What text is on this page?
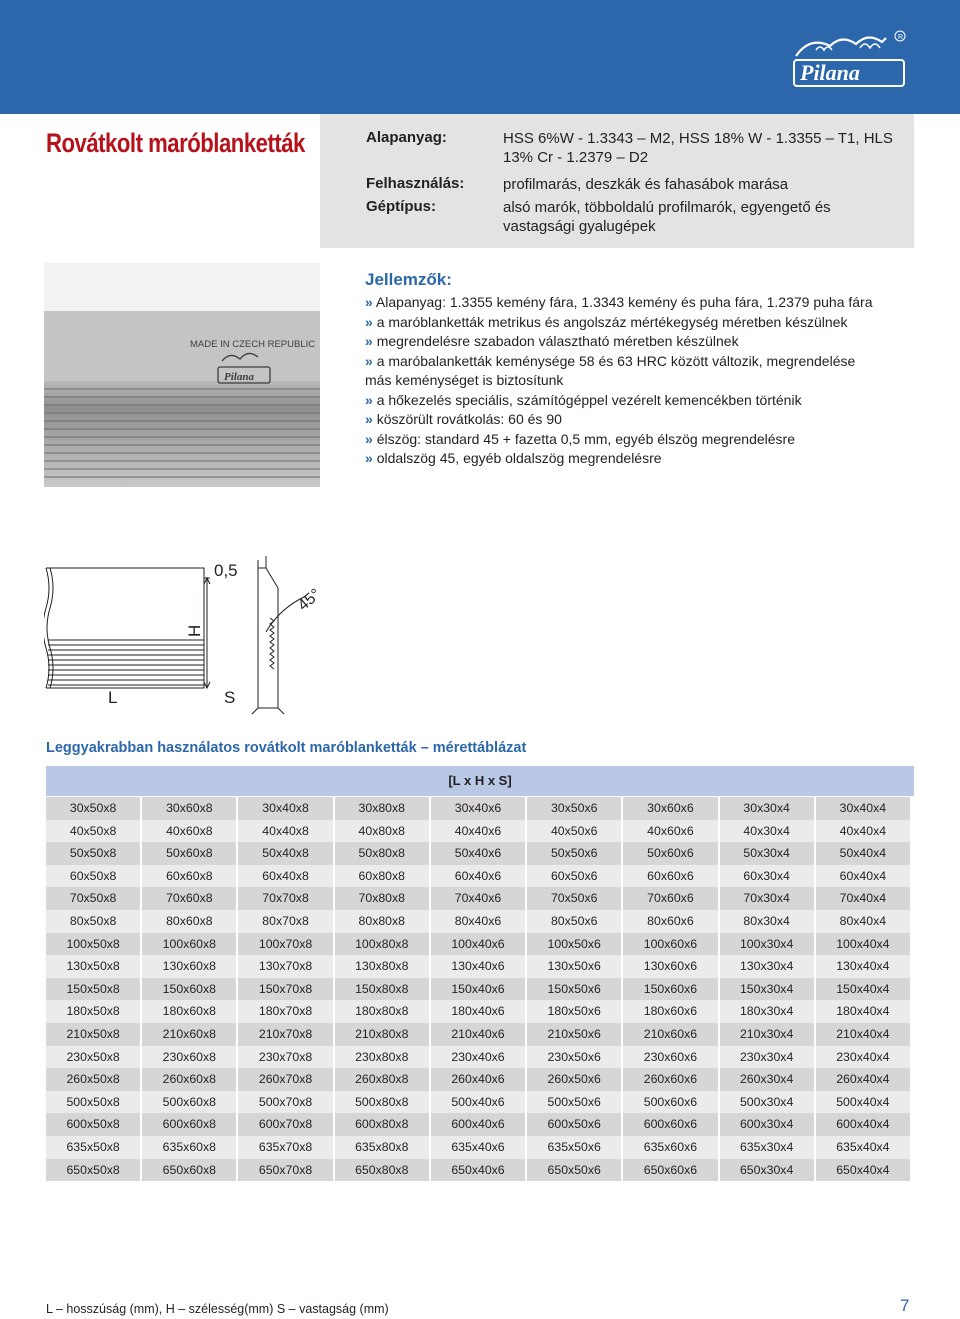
R
Pilana
Rovátkolt maróblanketták	Alapanyag:	HSS 6%W - 1.3343 – M2, HSS 18% W - 1.3355 – T1, HLS 13% Cr - 1.2379 – D2
Felhasználás:	profilmarás, deszkák és fahasábok marása
Géptípus:	alsó marók, többoldalú profilmarók, egyengető és vastagsági gyalugépek
MADE IN CZECH REPUBLIC
Pilana
Jellemzők:
» Alapanyag: 1.3355 kemény fára, 1.3343 kemény és puha fára, 1.2379 puha fára
» a maróblanketták metrikus és angolszáz mértékegység méretben készülnek
» megrendelésre szabadon választható méretben készülnek
» a maróbalanketták keménysége 58 és 63 HRC között változik, megrendelése
más keménységet is biztosítunk
» a hőkezelés speciális, számítógéppel vezérelt kemencékben történik
» köszörült rovátkolás: 60 és 90
» élszög: standard 45 + fazetta 0,5 mm, egyéb élszög megrendelésre
» oldalszög 45, egyéb oldalszög megrendelésre
0,5
H
L	S
45°
Leggyakrabban használatos rovátkolt maróblanketták – mérettáblázat
[L x H x S]
30x50x8	30x60x8	30x40x8	30x80x8	30x40x6	30x50x6	30x60x6	30x30x4	30x40x4
40x50x8	40x60x8	40x40x8	40x80x8	40x40x6	40x50x6	40x60x6	40x30x4	40x40x4
50x50x8	50x60x8	50x40x8	50x80x8	50x40x6	50x50x6	50x60x6	50x30x4	50x40x4
60x50x8	60x60x8	60x40x8	60x80x8	60x40x6	60x50x6	60x60x6	60x30x4	60x40x4
70x50x8	70x60x8	70x70x8	70x80x8	70x40x6	70x50x6	70x60x6	70x30x4	70x40x4
80x50x8	80x60x8	80x70x8	80x80x8	80x40x6	80x50x6	80x60x6	80x30x4	80x40x4
100x50x8	100x60x8	100x70x8	100x80x8	100x40x6	100x50x6	100x60x6	100x30x4	100x40x4
130x50x8	130x60x8	130x70x8	130x80x8	130x40x6	130x50x6	130x60x6	130x30x4	130x40x4
150x50x8	150x60x8	150x70x8	150x80x8	150x40x6	150x50x6	150x60x6	150x30x4	150x40x4
180x50x8	180x60x8	180x70x8	180x80x8	180x40x6	180x50x6	180x60x6	180x30x4	180x40x4
210x50x8	210x60x8	210x70x8	210x80x8	210x40x6	210x50x6	210x60x6	210x30x4	210x40x4
230x50x8	230x60x8	230x70x8	230x80x8	230x40x6	230x50x6	230x60x6	230x30x4	230x40x4
260x50x8	260x60x8	260x70x8	260x80x8	260x40x6	260x50x6	260x60x6	260x30x4	260x40x4
500x50x8	500x60x8	500x70x8	500x80x8	500x40x6	500x50x6	500x60x6	500x30x4	500x40x4
600x50x8	600x60x8	600x70x8	600x80x8	600x40x6	600x50x6	600x60x6	600x30x4	600x40x4
635x50x8	635x60x8	635x70x8	635x80x8	635x40x6	635x50x6	635x60x6	635x30x4	635x40x4
650x50x8	650x60x8	650x70x8	650x80x8	650x40x6	650x50x6	650x60x6	650x30x4	650x40x4
L – hosszúság (mm), H – szélesség(mm) S – vastagság (mm)	7
